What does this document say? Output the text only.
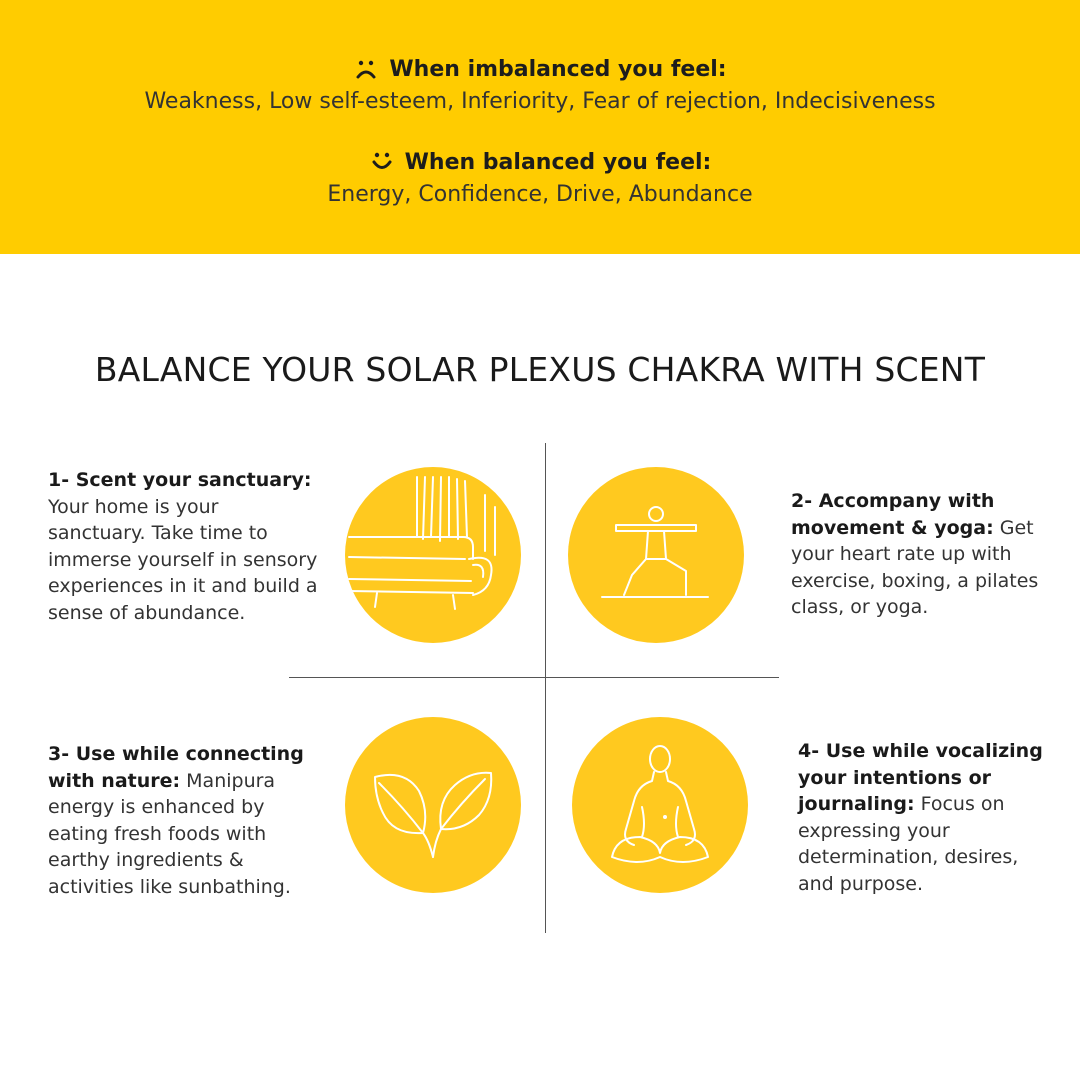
When imbalanced you feel:
Weakness, Low self-esteem, Inferiority, Fear of rejection, Indecisiveness
When balanced you feel:
Energy, Confidence, Drive, Abundance
BALANCE YOUR SOLAR PLEXUS CHAKRA WITH SCENT
1- Scent your sanctuary: Your home is your sanctuary. Take time to immerse yourself in sensory experiences in it and build a sense of abundance.
2- Accompany with movement & yoga: Get your heart rate up with exercise, boxing, a pilates class, or yoga.
3- Use while connecting with nature: Manipura energy is enhanced by eating fresh foods with earthy ingredients & activities like sunbathing.
4- Use while vocalizing your intentions or journaling: Focus on expressing your determination, desires, and purpose.
